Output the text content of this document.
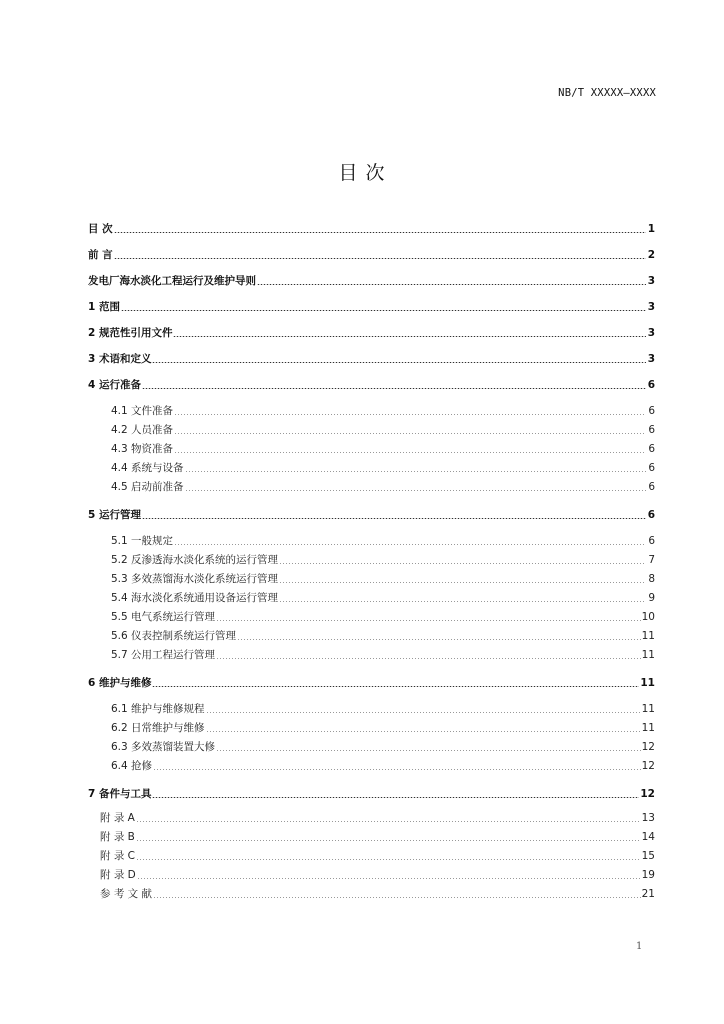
NB/T XXXXX—XXXX
目 次
目 次	1
前 言	2
发电厂海水淡化工程运行及维护导则	3
1 范围	3
2 规范性引用文件	3
3 术语和定义	3
4 运行准备	6
4.1 文件准备	6
4.2 人员准备	6
4.3 物资准备	6
4.4 系统与设备	6
4.5 启动前准备	6
5 运行管理	6
5.1 一般规定	6
5.2 反渗透海水淡化系统的运行管理	7
5.3 多效蒸馏海水淡化系统运行管理	8
5.4 海水淡化系统通用设备运行管理	9
5.5 电气系统运行管理	10
5.6 仪表控制系统运行管理	11
5.7 公用工程运行管理	11
6 维护与维修	11
6.1 维护与维修规程	11
6.2 日常维护与维修	11
6.3 多效蒸馏装置大修	12
6.4 抢修	12
7 备件与工具	12
附 录 A	13
附 录 B	14
附 录 C	15
附 录 D	19
参 考 文 献	21
1
